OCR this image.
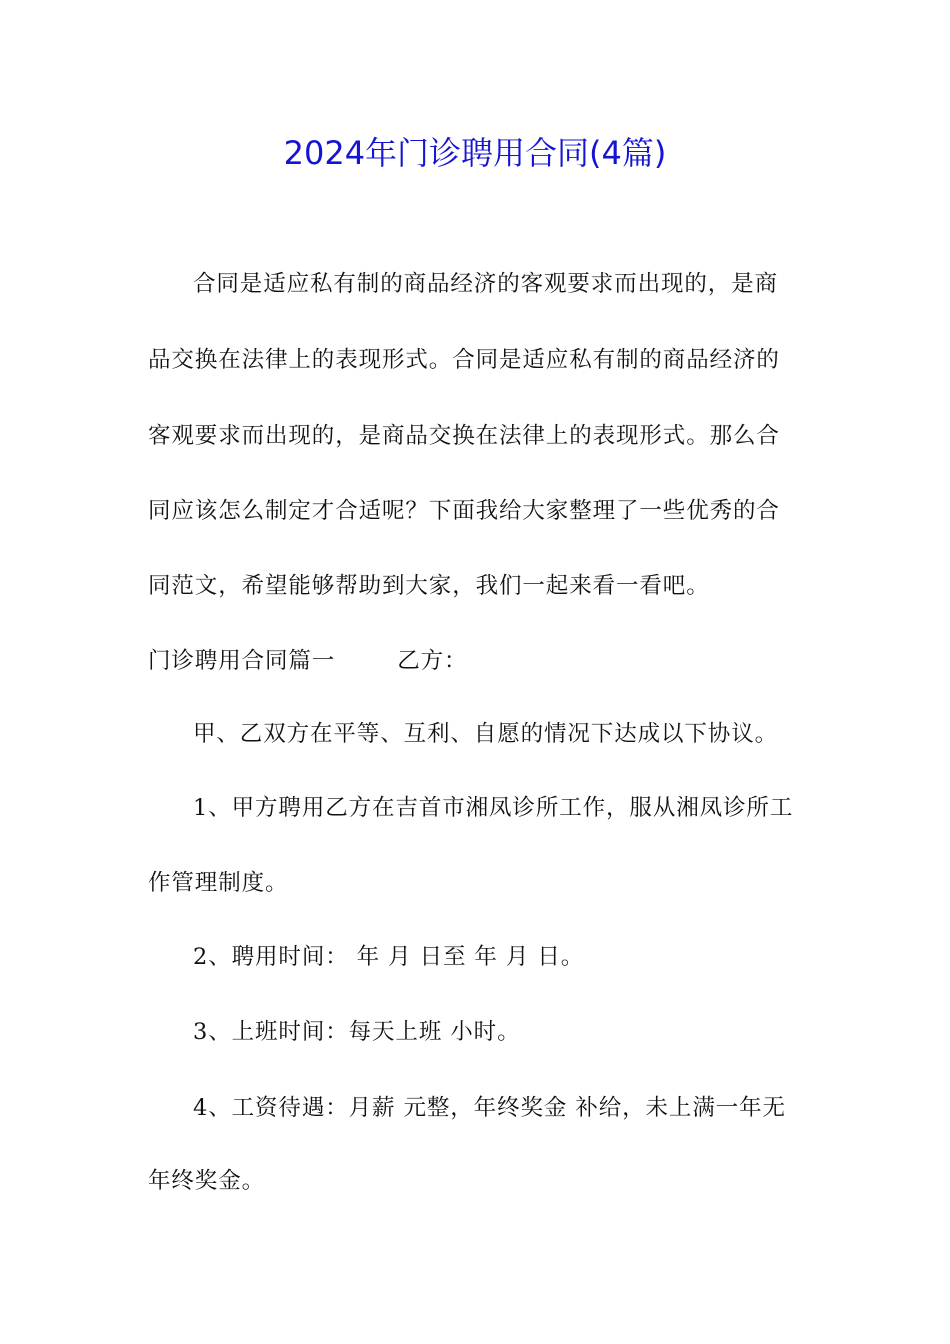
2024年门诊聘用合同(4篇)
合同是适应私有制的商品经济的客观要求而出现的，是商
品交换在法律上的表现形式。合同是适应私有制的商品经济的
客观要求而出现的，是商品交换在法律上的表现形式。那么合
同应该怎么制定才合适呢？下面我给大家整理了一些优秀的合
同范文，希望能够帮助到大家，我们一起来看一看吧。
门诊聘用合同篇一	乙方：
甲、乙双方在平等、互利、自愿的情况下达成以下协议。
1、甲方聘用乙方在吉首市湘凤诊所工作，服从湘凤诊所工
作管理制度。
2、聘用时间： 年 月 日至 年 月 日。
3、上班时间：每天上班 小时。
4、工资待遇：月薪 元整，年终奖金 补给，未上满一年无
年终奖金。
